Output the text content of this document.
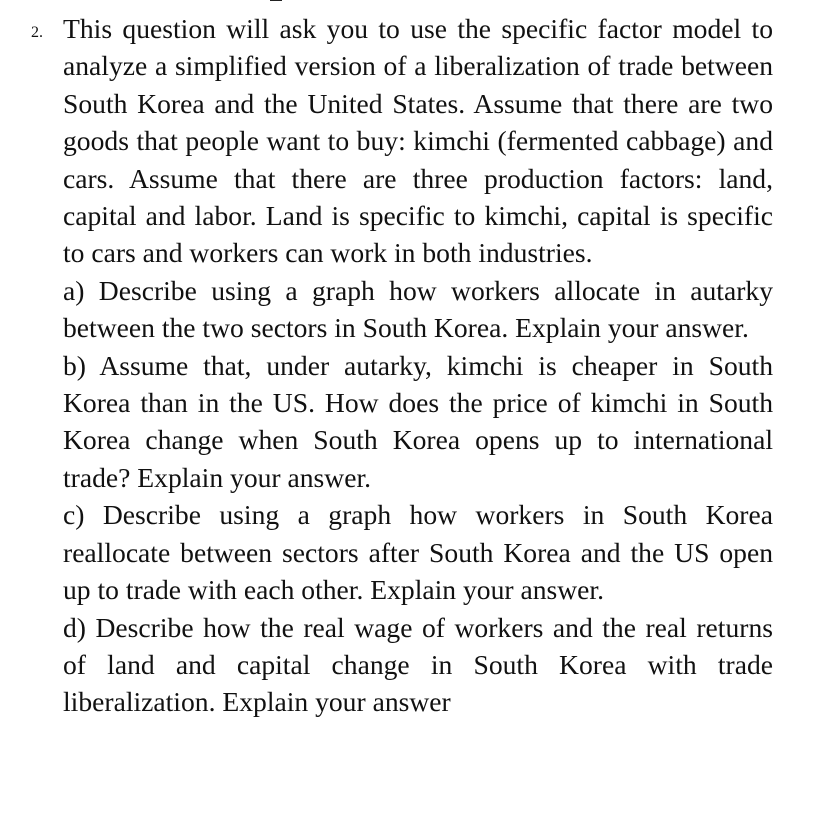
2. This question will ask you to use the specific factor model to analyze a simplified version of a liberalization of trade between South Korea and the United States. Assume that there are two goods that people want to buy: kimchi (fermented cabbage) and cars. Assume that there are three production factors: land, capital and labor. Land is specific to kimchi, capital is specific to cars and workers can work in both industries.

a) Describe using a graph how workers allocate in autarky between the two sectors in South Korea. Explain your answer.

b) Assume that, under autarky, kimchi is cheaper in South Korea than in the US. How does the price of kimchi in South Korea change when South Korea opens up to international trade? Explain your answer.

c) Describe using a graph how workers in South Korea reallocate between sectors after South Korea and the US open up to trade with each other. Explain your answer.

d) Describe how the real wage of workers and the real returns of land and capital change in South Korea with trade liberalization. Explain your answer
